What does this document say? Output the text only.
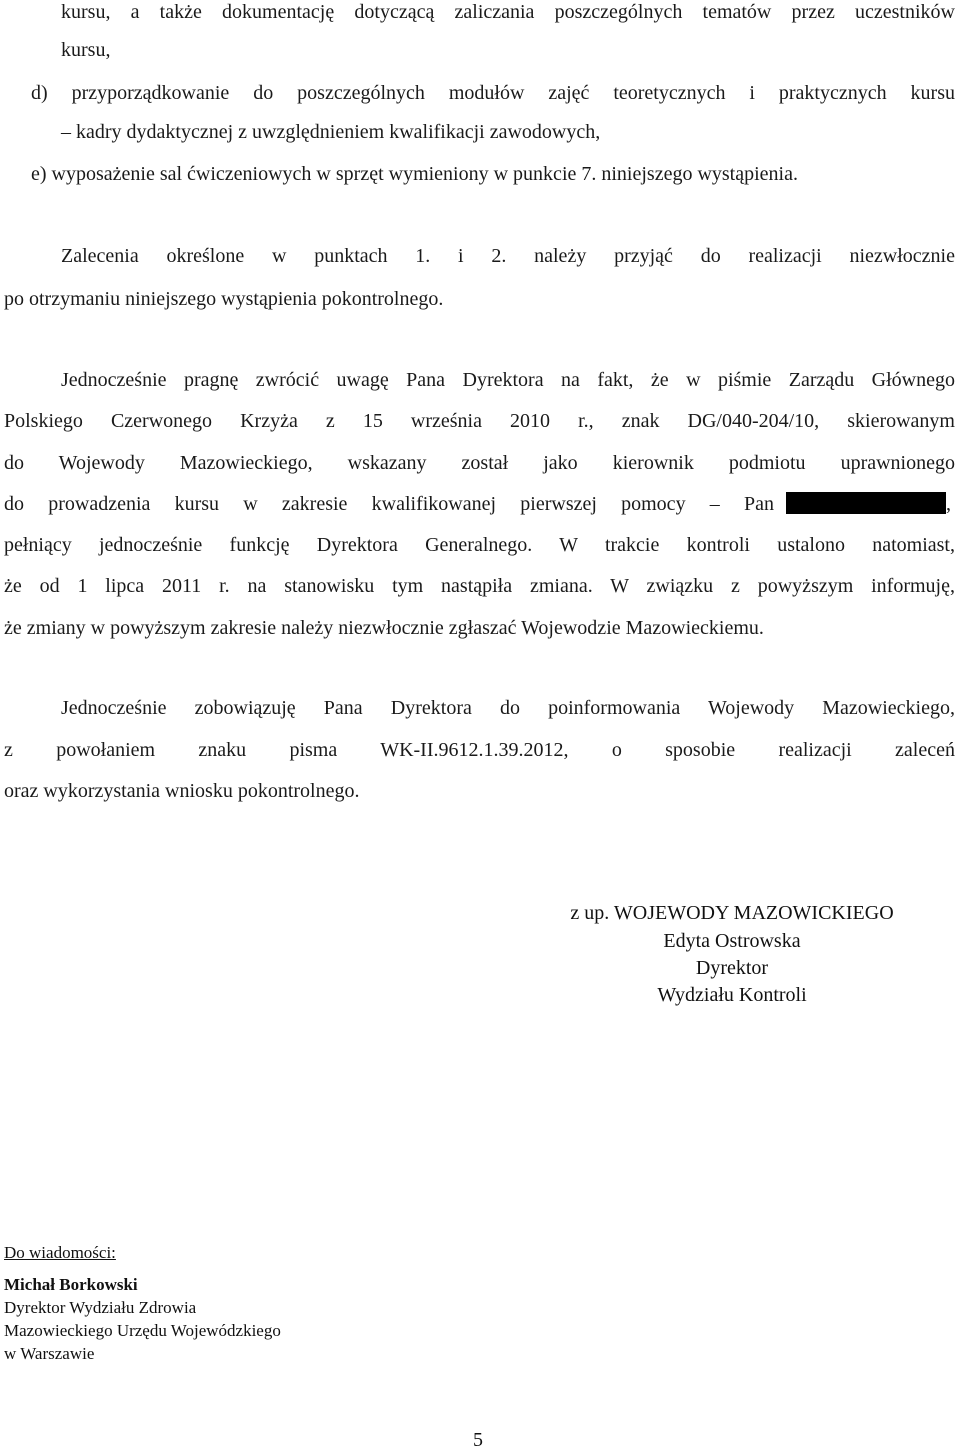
kursu, a także dokumentację dotyczącą zaliczania poszczególnych tematów przez uczestników
kursu,
d) przyporządkowanie do poszczególnych modułów zajęć teoretycznych i praktycznych kursu
– kadry dydaktycznej z uwzględnieniem kwalifikacji zawodowych,
e) wyposażenie sal ćwiczeniowych w sprzęt wymieniony w punkcie 7. niniejszego wystąpienia.
Zalecenia określone w punktach 1. i 2. należy przyjąć do realizacji niezwłocznie
po otrzymaniu niniejszego wystąpienia pokontrolnego.
Jednocześnie pragnę zwrócić uwagę Pana Dyrektora na fakt, że w piśmie Zarządu Głównego
Polskiego Czerwonego Krzyża z 15 września 2010 r., znak DG/040-204/10, skierowanym
do Wojewody Mazowieckiego, wskazany został jako kierownik podmiotu uprawnionego
do prowadzenia kursu w zakresie kwalifikowanej pierwszej pomocy – Pan	,
pełniący jednocześnie funkcję Dyrektora Generalnego. W trakcie kontroli ustalono natomiast,
że od 1 lipca 2011 r. na stanowisku tym nastąpiła zmiana. W związku z powyższym informuję,
że zmiany w powyższym zakresie należy niezwłocznie zgłaszać Wojewodzie Mazowieckiemu.
Jednocześnie zobowiązuję Pana Dyrektora do poinformowania Wojewody Mazowieckiego,
z powołaniem znaku pisma WK-II.9612.1.39.2012, o sposobie realizacji zaleceń
oraz wykorzystania wniosku pokontrolnego.
z up. WOJEWODY MAZOWICKIEGO
Edyta Ostrowska
Dyrektor
Wydziału Kontroli
Do wiadomości:
Michał Borkowski
Dyrektor Wydziału Zdrowia
Mazowieckiego Urzędu Wojewódzkiego
w Warszawie
5
